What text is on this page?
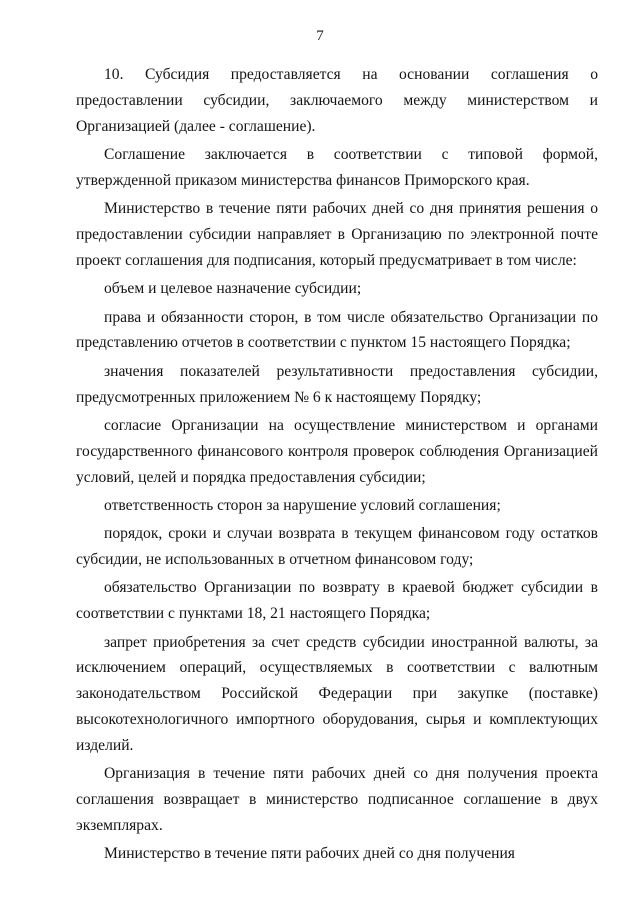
7

10. Субсидия предоставляется на основании соглашения о предоставлении субсидии, заключаемого между министерством и Организацией (далее - соглашение).

Соглашение заключается в соответствии с типовой формой, утвержденной приказом министерства финансов Приморского края.

Министерство в течение пяти рабочих дней со дня принятия решения о предоставлении субсидии направляет в Организацию по электронной почте проект соглашения для подписания, который предусматривает в том числе:

объем и целевое назначение субсидии;

права и обязанности сторон, в том числе обязательство Организации по представлению отчетов в соответствии с пунктом 15 настоящего Порядка;

значения показателей результативности предоставления субсидии, предусмотренных приложением № 6 к настоящему Порядку;

согласие Организации на осуществление министерством и органами государственного финансового контроля проверок соблюдения Организацией условий, целей и порядка предоставления субсидии;

ответственность сторон за нарушение условий соглашения;

порядок, сроки и случаи возврата в текущем финансовом году остатков субсидии, не использованных в отчетном финансовом году;

обязательство Организации по возврату в краевой бюджет субсидии в соответствии с пунктами 18, 21 настоящего Порядка;

запрет приобретения за счет средств субсидии иностранной валюты, за исключением операций, осуществляемых в соответствии с валютным законодательством Российской Федерации при закупке (поставке) высокотехнологичного импортного оборудования, сырья и комплектующих изделий.

Организация в течение пяти рабочих дней со дня получения проекта соглашения возвращает в министерство подписанное соглашение в двух экземплярах.

Министерство в течение пяти рабочих дней со дня получения
